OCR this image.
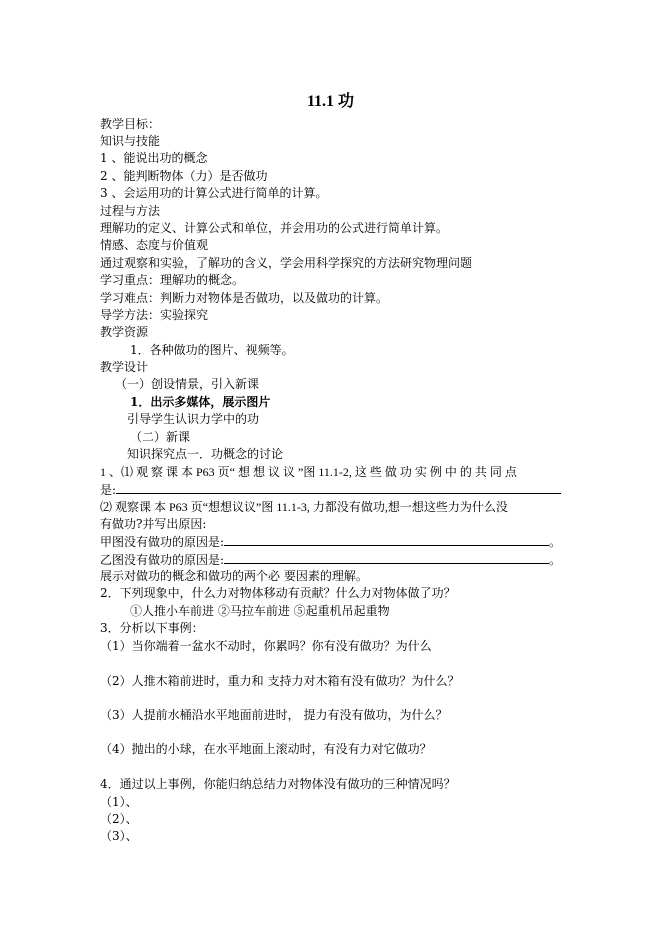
11.1 功
教学目标：
知识与技能
1 、能说出功的概念
2 、能判断物体（力）是否做功
3 、会运用功的计算公式进行简单的计算。
过程与方法
理解功的定义、计算公式和单位，并会用功的公式进行简单计算。
情感、态度与价值观
通过观察和实验，了解功的含义，学会用科学探究的方法研究物理问题
学习重点：理解功的概念。
学习难点：判断力对物体是否做功，以及做功的计算。
导学方法：实验探究
教学资源
1．各种做功的图片、视频等。
教学设计
（一）创设情景，引入新课
1．出示多媒体，展示图片
引导学生认识力学中的功
（二）新课
知识探究点一．功概念的讨论
1 、⑴ 观 察 课 本 P63 页“ 想 想 议 议 ”图 11.1-2, 这 些 做 功 实 例 中 的 共 同 点
是:
⑵ 观察课 本 P63 页“想想议议”图 11.1-3, 力都没有做功,想一想这些力为什么没
有做功?并写出原因:
甲图没有做功的原因是:	。
乙图没有做功的原因是:	。
展示对做功的概念和做功的两个必 要因素的理解。
2．下列现象中，什么力对物体移动有贡献？什么力对物体做了功？
①人推小车前进 ②马拉车前进 ⑤起重机吊起重物
3．分析以下事例：
（1）当你端着一盆水不动时，你累吗？你有没有做功？为什么
（2）人推木箱前进时，重力和 支持力对木箱有没有做功？为什么？
（3）人提前水桶沿水平地面前进时， 提力有没有做功，为什么？
（4）抛出的小球，在水平地面上滚动时，有没有力对它做功？
4．通过以上事例，你能归纳总结力对物体没有做功的三种情况吗？
（1）、
（2）、
（3）、
